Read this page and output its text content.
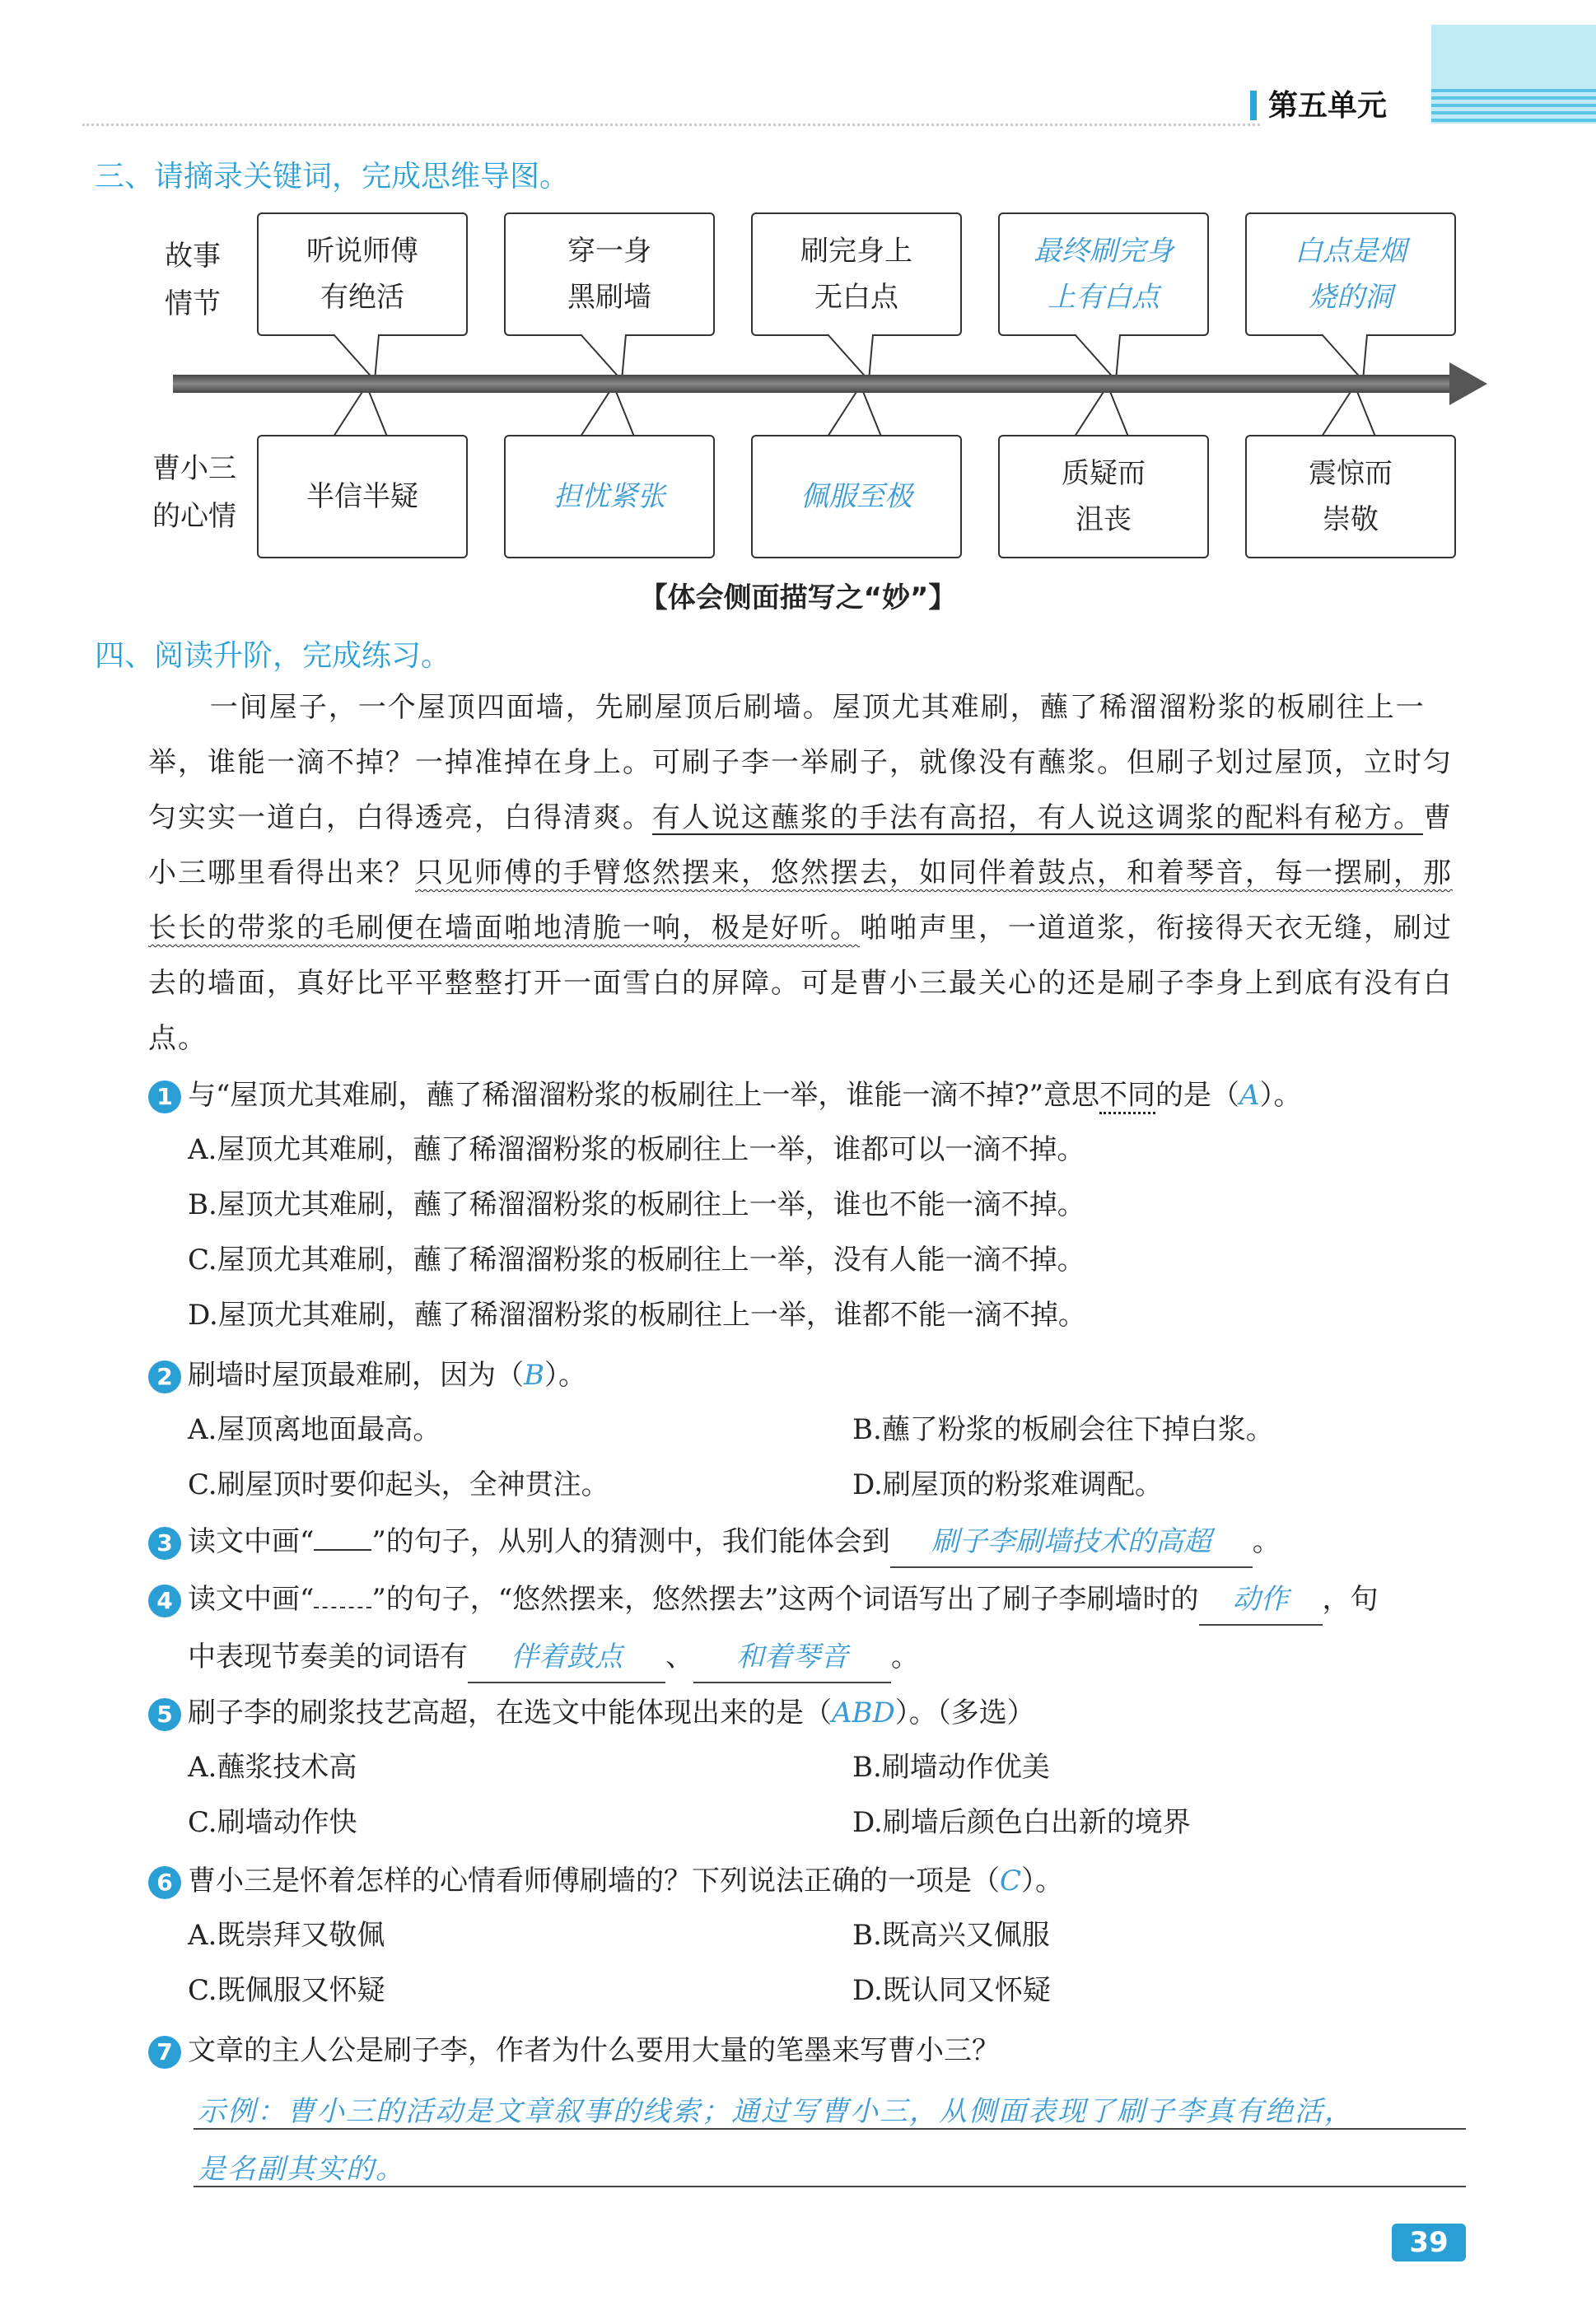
第五单元
三、请摘录关键词，完成思维导图。
故事
情节
曹小三
的心情
听说师傅
有绝活
穿一身
黑刷墙
刷完身上
无白点
最终刷完身
上有白点
白点是烟
烧的洞
半信半疑	担忧紧张	佩服至极
质疑而
沮丧
震惊而
崇敬
【体会侧面描写之“妙”】
四、阅读升阶，完成练习。

一间屋子，一个屋顶四面墙，先刷屋顶后刷墙。屋顶尤其难刷，蘸了稀溜溜粉浆的板刷往上一举，谁能一滴不掉？一掉准掉在身上。可刷子李一举刷子，就像没有蘸浆。但刷子划过屋顶，立时匀匀实实一道白，白得透亮，白得清爽。有人说这蘸浆的手法有高招，有人说这调浆的配料有秘方。曹小三哪里看得出来？只见师傅的手臂悠然摆来，悠然摆去，如同伴着鼓点，和着琴音，每一摆刷，那长长的带浆的毛刷便在墙面啪地清脆一响，极是好听。啪啪声里，一道道浆，衔接得天衣无缝，刷过去的墙面，真好比平平整整打开一面雪白的屏障。可是曹小三最关心的还是刷子李身上到底有没有白点。

1 与“屋顶尤其难刷，蘸了稀溜溜粉浆的板刷往上一举，谁能一滴不掉?”意思不同的是（A）。
A.屋顶尤其难刷，蘸了稀溜溜粉浆的板刷往上一举，谁都可以一滴不掉。
B.屋顶尤其难刷，蘸了稀溜溜粉浆的板刷往上一举，谁也不能一滴不掉。
C.屋顶尤其难刷，蘸了稀溜溜粉浆的板刷往上一举，没有人能一滴不掉。
D.屋顶尤其难刷，蘸了稀溜溜粉浆的板刷往上一举，谁都不能一滴不掉。
2 刷墙时屋顶最难刷，因为（B）。
A.屋顶离地面最高。	B.蘸了粉浆的板刷会往下掉白浆。
C.刷屋顶时要仰起头，全神贯注。	D.刷屋顶的粉浆难调配。
3 读文中画“ ”的句子，从别人的猜测中，我们能体会到 刷子李刷墙技术的高超 。
4 读文中画“ ”的句子，“悠然摆来，悠然摆去”这两个词语写出了刷子李刷墙时的 动作 ，句
中表现节奏美的词语有 伴着鼓点 、 和着琴音 。
5 刷子李的刷浆技艺高超，在选文中能体现出来的是（ABD）。（多选）
A.蘸浆技术高	B.刷墙动作优美
C.刷墙动作快	D.刷墙后颜色白出新的境界
6 曹小三是怀着怎样的心情看师傅刷墙的？下列说法正确的一项是（C）。
A.既崇拜又敬佩	B.既高兴又佩服
C.既佩服又怀疑	D.既认同又怀疑
7 文章的主人公是刷子李，作者为什么要用大量的笔墨来写曹小三？
示例：曹小三的活动是文章叙事的线索；通过写曹小三，从侧面表现了刷子李真有绝活，
是名副其实的。
39
